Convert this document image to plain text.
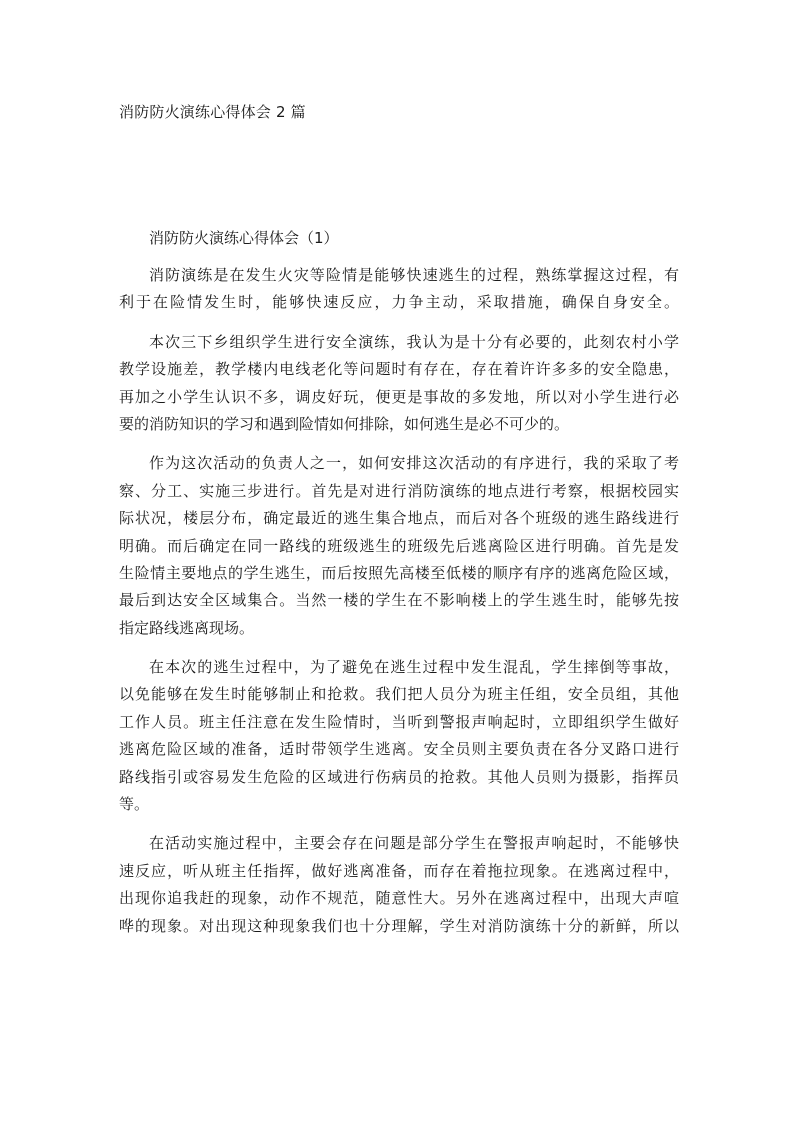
消防防火演练心得体会 2 篇
消防防火演练心得体会（1）
消防演练是在发生火灾等险情是能够快速逃生的过程，熟练掌握这过程，有
利于在险情发生时，能够快速反应，力争主动，采取措施，确保自身安全。
本次三下乡组织学生进行安全演练，我认为是十分有必要的，此刻农村小学
教学设施差，教学楼内电线老化等问题时有存在，存在着许许多多的安全隐患，
再加之小学生认识不多，调皮好玩，便更是事故的多发地，所以对小学生进行必
要的消防知识的学习和遇到险情如何排除，如何逃生是必不可少的。
作为这次活动的负责人之一，如何安排这次活动的有序进行，我的采取了考
察、分工、实施三步进行。首先是对进行消防演练的地点进行考察，根据校园实
际状况，楼层分布，确定最近的逃生集合地点，而后对各个班级的逃生路线进行
明确。而后确定在同一路线的班级逃生的班级先后逃离险区进行明确。首先是发
生险情主要地点的学生逃生，而后按照先高楼至低楼的顺序有序的逃离危险区域，
最后到达安全区域集合。当然一楼的学生在不影响楼上的学生逃生时，能够先按
指定路线逃离现场。
在本次的逃生过程中，为了避免在逃生过程中发生混乱，学生摔倒等事故，
以免能够在发生时能够制止和抢救。我们把人员分为班主任组，安全员组，其他
工作人员。班主任注意在发生险情时，当听到警报声响起时，立即组织学生做好
逃离危险区域的准备，适时带领学生逃离。安全员则主要负责在各分叉路口进行
路线指引或容易发生危险的区域进行伤病员的抢救。其他人员则为摄影，指挥员
等。
在活动实施过程中，主要会存在问题是部分学生在警报声响起时，不能够快
速反应，听从班主任指挥，做好逃离准备，而存在着拖拉现象。在逃离过程中，
出现你追我赶的现象，动作不规范，随意性大。另外在逃离过程中，出现大声喧
哗的现象。对出现这种现象我们也十分理解，学生对消防演练十分的新鲜，所以
